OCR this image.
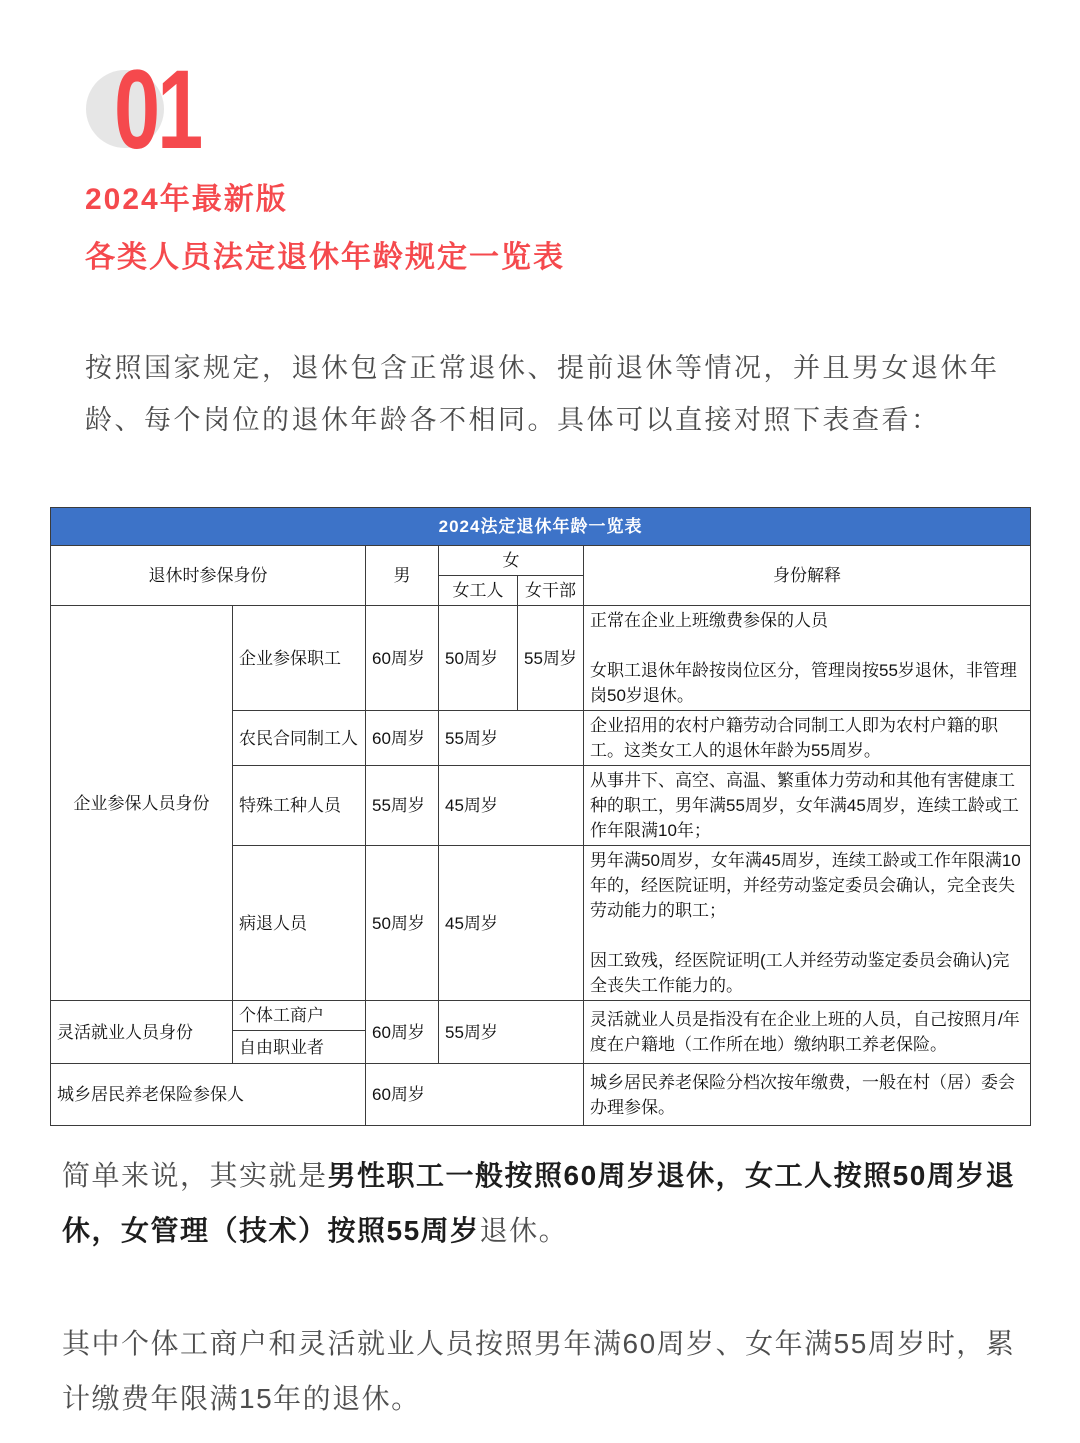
01
2024年最新版
各类人员法定退休年龄规定一览表

按照国家规定，退休包含正常退休、提前退休等情况，并且男女退休年龄、每个岗位的退休年龄各不相同。具体可以直接对照下表查看：

2024法定退休年龄一览表					
退休时参保身份		男	女		身份解释
			女工人	女干部	
企业参保人员身份	企业参保职工	60周岁	50周岁	55周岁	正常在企业上班缴费参保的人员

女职工退休年龄按岗位区分，管理岗按55岁退休，非管理岗50岁退休。

	农民合同制工人	60周岁	55周岁		企业招用的农村户籍劳动合同制工人即为农村户籍的职工。这类女工人的退休年龄为55周岁。
	特殊工种人员	55周岁	45周岁		从事井下、高空、高温、繁重体力劳动和其他有害健康工种的职工，男年满55周岁，女年满45周岁，连续工龄或工作年限满10年；
	病退人员	50周岁	45周岁		男年满50周岁，女年满45周岁，连续工龄或工作年限满10年的，经医院证明，并经劳动鉴定委员会确认，完全丧失劳动能力的职工；

因工致残，经医院证明(工人并经劳动鉴定委员会确认)完全丧失工作能力的。

灵活就业人员身份	个体工商户	60周岁	55周岁		灵活就业人员是指没有在企业上班的人员，自己按照月/年度在户籍地（工作所在地）缴纳职工养老保险。
	自由职业者				
城乡居民养老保险参保人		60周岁			城乡居民养老保险分档次按年缴费，一般在村（居）委会办理参保。

简单来说，其实就是男性职工一般按照60周岁退休，女工人按照50周岁退休，女管理（技术）按照55周岁退休。

其中个体工商户和灵活就业人员按照男年满60周岁、女年满55周岁时，累计缴费年限满15年的退休。
